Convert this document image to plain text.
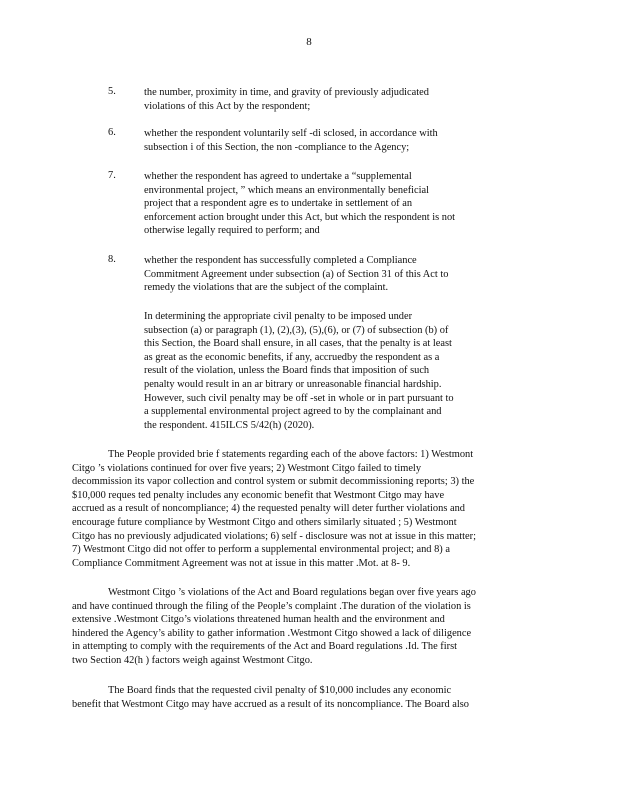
8
5.	the number, proximity in time, and gravity of previously adjudicated
violations of this Act by the respondent;
6.	whether the respondent voluntarily self -di sclosed, in accordance with
subsection i of this Section, the non -compliance to the Agency;
7.	whether the respondent has agreed to undertake a “supplemental
environmental project, ” which means an environmentally beneficial
project that a respondent agre es to undertake in settlement of an
enforcement action brought under this Act, but which the respondent is not
otherwise legally required to perform; and
8.	whether the respondent has successfully completed a Compliance
Commitment Agreement under subsection (a) of Section 31 of this Act to
remedy the violations that are the subject of the complaint.
In determining the appropriate civil penalty to be imposed under
subsection (a) or paragraph (1), (2),(3), (5),(6), or (7) of subsection (b) of
this Section, the Board shall ensure, in all cases, that the penalty is at least
as great as the economic benefits, if any, accruedby the respondent as a
result of the violation, unless the Board finds that imposition of such
penalty would result in an ar bitrary or unreasonable financial hardship.
However, such civil penalty may be off -set in whole or in part pursuant to
a supplemental environmental project agreed to by the complainant and
the respondent. 415ILCS 5/42(h) (2020).
The People provided brie f statements regarding each of the above factors: 1) Westmont
Citgo ’s violations continued for over five years; 2) Westmont Citgo failed to timely
decommission its vapor collection and control system or submit decommissioning reports; 3) the
$10,000 reques ted penalty includes any economic benefit that Westmont Citgo may have
accrued as a result of noncompliance; 4) the requested penalty will deter further violations and
encourage future compliance by Westmont Citgo and others similarly situated ; 5) Westmont
Citgo has no previously adjudicated violations; 6) self - disclosure was not at issue in this matter;
7) Westmont Citgo did not offer to perform a supplemental environmental project; and 8) a
Compliance Commitment Agreement was not at issue in this matter .Mot. at 8- 9.
Westmont Citgo ’s violations of the Act and Board regulations began over five years ago
and have continued through the filing of the People’s complaint .The duration of the violation is
extensive .Westmont Citgo’s violations threatened human health and the environment and
hindered the Agency’s ability to gather information .Westmont Citgo showed a lack of diligence
in attempting to comply with the requirements of the Act and Board regulations .Id. The first
two Section 42(h ) factors weigh against Westmont Citgo.
The Board finds that the requested civil penalty of $10,000 includes any economic
benefit that Westmont Citgo may have accrued as a result of its noncompliance. The Board also
